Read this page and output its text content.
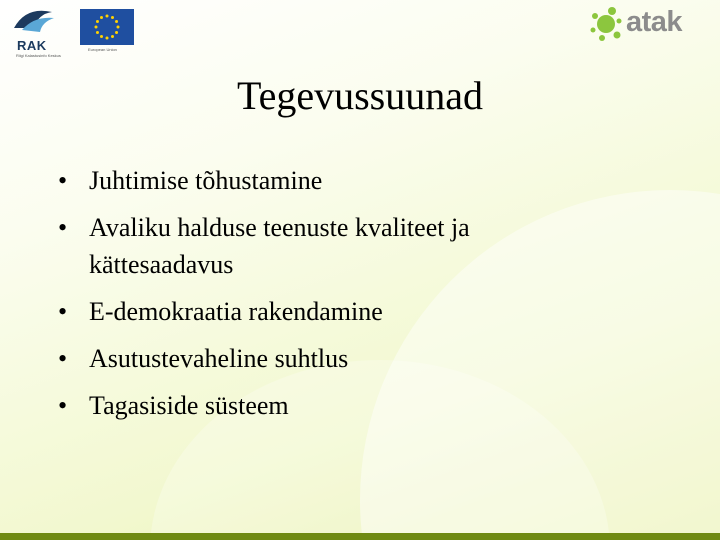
RAK
Riigi Kalastusinfo Keskus
European Union
atak
Tegevussuunad
• Juhtimise tõhustamine
• Avaliku halduse teenuste kvaliteet ja kättesaadavus
• E-demokraatia rakendamine
• Asutustevaheline suhtlus
• Tagasiside süsteem
